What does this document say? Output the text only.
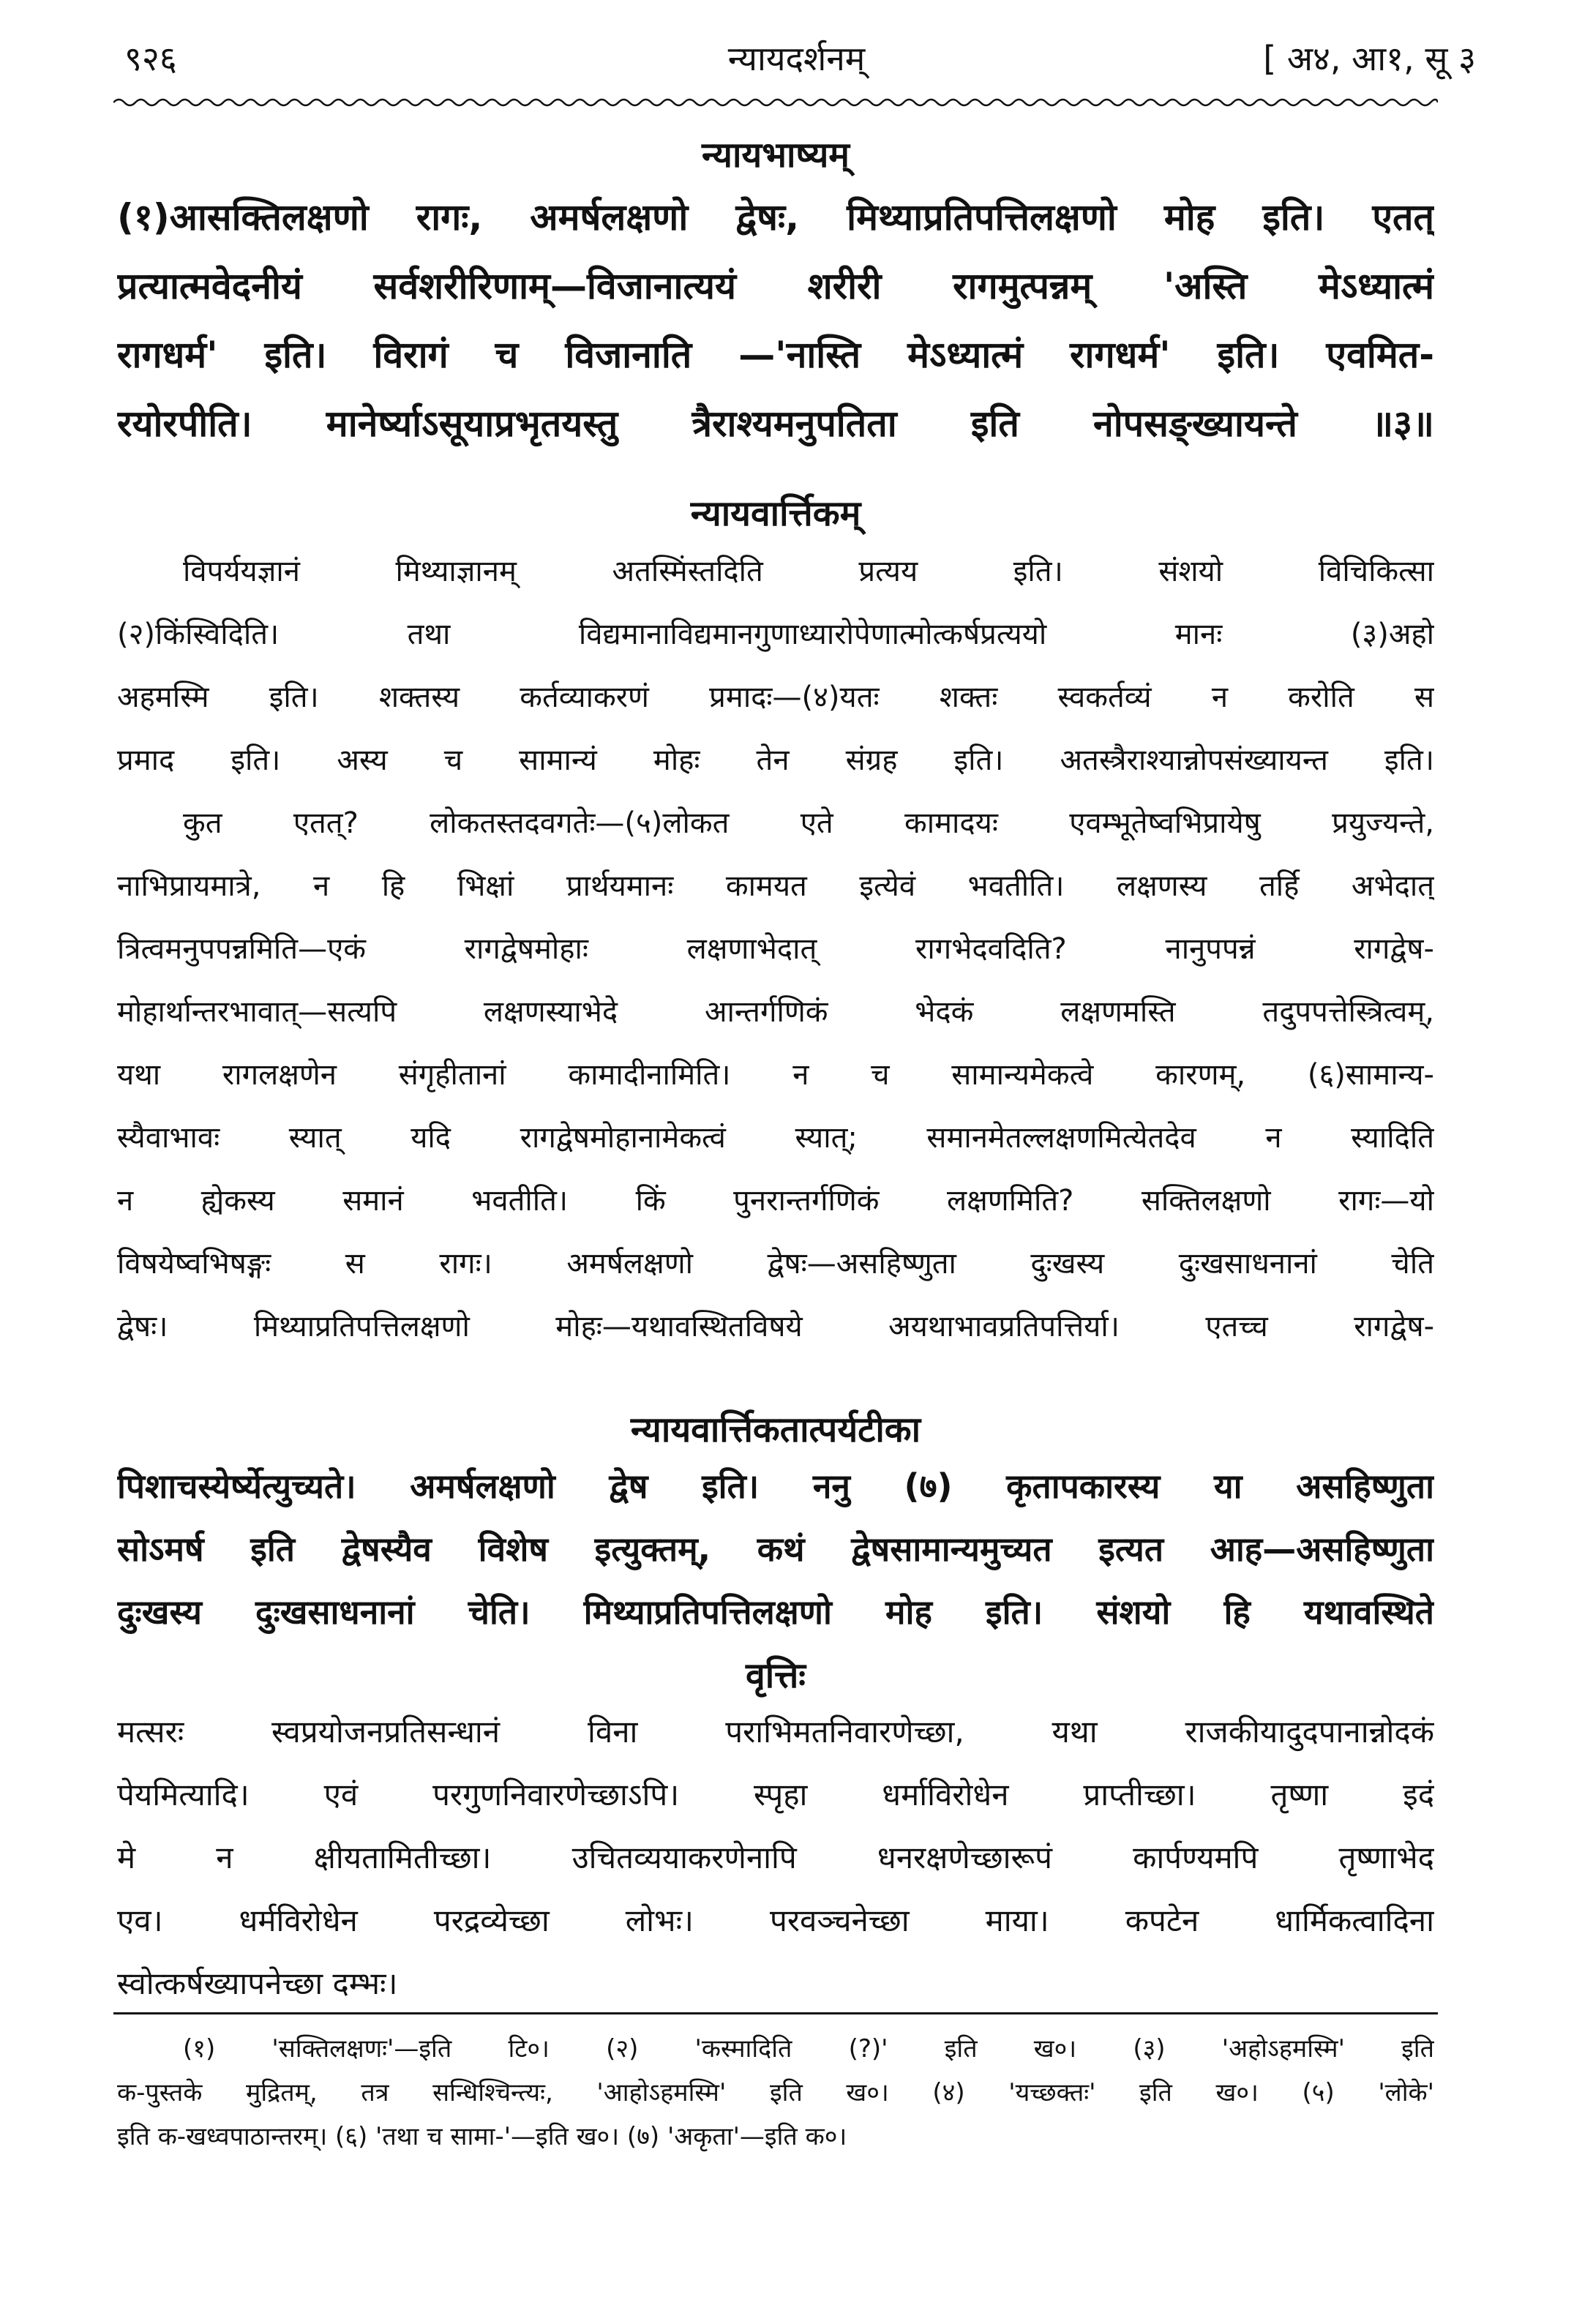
९२६	न्यायदर्शनम्	[ अ४, आ१, सू ३
न्यायभाष्यम्
(१)आसक्तिलक्षणो रागः, अमर्षलक्षणो द्वेषः, मिथ्याप्रतिपत्तिलक्षणो मोह इति। एतत्
प्रत्यात्मवेदनीयं सर्वशरीरिणाम्—विजानात्ययं शरीरी रागमुत्पन्नम् 'अस्ति मेऽध्यात्मं
रागधर्म' इति। विरागं च विजानाति —'नास्ति मेऽध्यात्मं रागधर्म' इति। एवमित-
रयोरपीति। मानेर्ष्याऽसूयाप्रभृतयस्तु त्रैराश्यमनुपतिता इति नोपसङ्ख्यायन्ते ॥३॥
न्यायवार्त्तिकम्
विपर्ययज्ञानं मिथ्याज्ञानम् अतस्मिंस्तदिति प्रत्यय इति। संशयो विचिकित्सा
(२)किंस्विदिति। तथा विद्यमानाविद्यमानगुणाध्यारोपेणात्मोत्कर्षप्रत्ययो मानः (३)अहो
अहमस्मि इति। शक्तस्य कर्तव्याकरणं प्रमादः—(४)यतः शक्तः स्वकर्तव्यं न करोति स
प्रमाद इति। अस्य च सामान्यं मोहः तेन संग्रह इति। अतस्त्रैराश्यान्नोपसंख्यायन्त इति।
कुत एतत्? लोकतस्तदवगतेः—(५)लोकत एते कामादयः एवम्भूतेष्वभिप्रायेषु प्रयुज्यन्ते,
नाभिप्रायमात्रे, न हि भिक्षां प्रार्थयमानः कामयत इत्येवं भवतीति। लक्षणस्य तर्हि अभेदात्
त्रित्वमनुपपन्नमिति—एकं रागद्वेषमोहाः लक्षणाभेदात् रागभेदवदिति? नानुपपन्नं रागद्वेष-
मोहार्थान्तरभावात्—सत्यपि लक्षणस्याभेदे आन्तर्गणिकं भेदकं लक्षणमस्ति तदुपपत्तेस्त्रित्वम्,
यथा रागलक्षणेन संगृहीतानां कामादीनामिति। न च सामान्यमेकत्वे कारणम्, (६)सामान्य-
स्यैवाभावः स्यात् यदि रागद्वेषमोहानामेकत्वं स्यात्; समानमेतल्लक्षणमित्येतदेव न स्यादिति
न ह्येकस्य समानं भवतीति। किं पुनरान्तर्गणिकं लक्षणमिति? सक्तिलक्षणो रागः—यो
विषयेष्वभिषङ्गः स रागः। अमर्षलक्षणो द्वेषः—असहिष्णुता दुःखस्य दुःखसाधनानां चेति
द्वेषः। मिथ्याप्रतिपत्तिलक्षणो मोहः—यथावस्थितविषये अयथाभावप्रतिपत्तिर्या। एतच्च रागद्वेष-
न्यायवार्त्तिकतात्पर्यटीका
पिशाचस्येर्ष्येत्युच्यते। अमर्षलक्षणो द्वेष इति। ननु (७) कृतापकारस्य या असहिष्णुता
सोऽमर्ष इति द्वेषस्यैव विशेष इत्युक्तम्, कथं द्वेषसामान्यमुच्यत इत्यत आह—असहिष्णुता
दुःखस्य दुःखसाधनानां चेति। मिथ्याप्रतिपत्तिलक्षणो मोह इति। संशयो हि यथावस्थिते
वृत्तिः
मत्सरः स्वप्रयोजनप्रतिसन्धानं विना पराभिमतनिवारणेच्छा, यथा राजकीयादुदपानान्नोदकं
पेयमित्यादि। एवं परगुणनिवारणेच्छाऽपि। स्पृहा धर्माविरोधेन प्राप्तीच्छा। तृष्णा इदं
मे न क्षीयतामितीच्छा। उचितव्ययाकरणेनापि धनरक्षणेच्छारूपं कार्पण्यमपि तृष्णाभेद
एव। धर्मविरोधेन परद्रव्येच्छा लोभः। परवञ्चनेच्छा माया। कपटेन धार्मिकत्वादिना
स्वोत्कर्षख्यापनेच्छा दम्भः।
(१) 'सक्तिलक्षणः'—इति टि०। (२) 'कस्मादिति (?)' इति ख०। (३) 'अहोऽहमस्मि' इति
क-पुस्तके मुद्रितम्, तत्र सन्धिश्चिन्त्यः, 'आहोऽहमस्मि' इति ख०। (४) 'यच्छक्तः' इति ख०। (५) 'लोके'
इति क-खध्वपाठान्तरम्। (६) 'तथा च सामा-'—इति ख०। (७) 'अकृता'—इति क०।
